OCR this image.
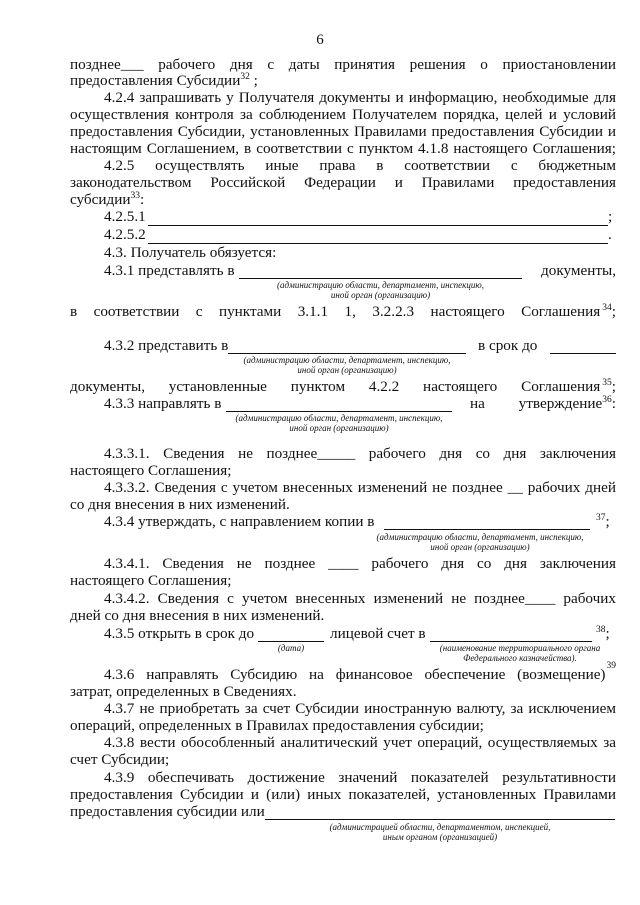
6
позднее___ рабочего дня с даты принятия решения о приостановлении
предоставления Субсидии$^{32}$ ;
4.2.4 запрашивать у Получателя документы и информацию, необходимые для
осуществления контроля за соблюдением Получателем порядка, целей и условий
предоставления Субсидии, установленных Правилами предоставления Субсидии и
настоящим Соглашением, в соответствии с пунктом 4.1.8 настоящего Соглашения;
4.2.5 осуществлять иные права в соответствии с бюджетным
законодательством Российской Федерации и Правилами предоставления
субсидии$^{33}$:
4.2.5.1	;
4.2.5.2	.
4.3. Получатель обязуется:
4.3.1 представлять в	документы,
(администрацию области, департамент, инспекцию,
иной орган (организацию)
в соответствии с пунктами 3.1.1 1, 3.2.2.3 настоящего Соглашения $^{34}$;
4.3.2 представить в	в срок до
(администрацию области, департамент, инспекцию,
иной орган (организацию)
документы, установленные пунктом 4.2.2 настоящего Соглашения $^{35}$;
4.3.3 направлять в	на	утверждение$^{36}$:
(администрацию области, департамент, инспекцию,
иной орган (организацию)
4.3.3.1. Сведения не позднее_____ рабочего дня со дня заключения
настоящего Соглашения;
4.3.3.2. Сведения с учетом внесенных изменений не позднее __ рабочих дней
со дня внесения в них изменений.
4.3.4 утверждать, с направлением копии в	$^{37}$;
(администрацию области, департамент, инспекцию,
иной орган (организацию)
4.3.4.1. Сведения не позднее ____ рабочего дня со дня заключения
настоящего Соглашения;
4.3.4.2. Сведения с учетом внесенных изменений не позднее____ рабочих
дней со дня внесения в них изменений.
4.3.5 открыть в срок до	лицевой счет в	$^{38}$;
(дата)	(наименование территориального органа
Федерального казначейства).
4.3.6 направлять Субсидию на финансовое обеспечение (возмещение) 39
затрат, определенных в Сведениях.
4.3.7 не приобретать за счет Субсидии иностранную валюту, за исключением
операций, определенных в Правилах предоставления субсидии;
4.3.8 вести обособленный аналитический учет операций, осуществляемых за
счет Субсидии;
4.3.9 обеспечивать достижение значений показателей результативности
предоставления Субсидии и (или) иных показателей, установленных Правилами
предоставления субсидии или
(администрацией области, департаментом, инспекцией,
иным органом (организацией)
